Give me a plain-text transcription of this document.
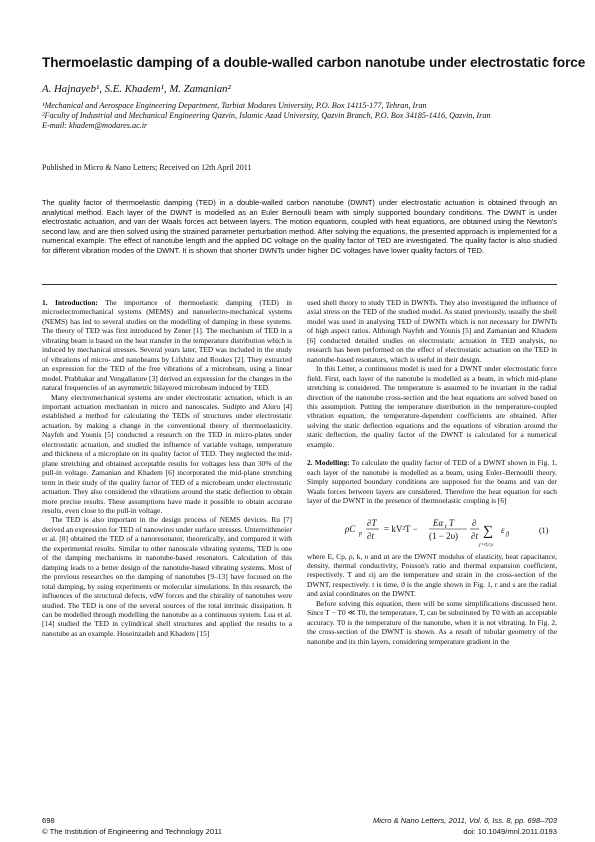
Thermoelastic damping of a double-walled carbon nanotube under electrostatic force
A. Hajnayeb¹, S.E. Khadem¹, M. Zamanian²
¹Mechanical and Aerospace Engineering Department, Tarbiat Modares University, P.O. Box 14115-177, Tehran, Iran
²Faculty of Industrial and Mechanical Engineering Qazvin, Islamic Azad University, Qazvin Branch, P.O. Box 34185-1416, Qazvin, Iran
E-mail: khadem@modares.ac.ir
Published in Micro & Nano Letters; Received on 12th April 2011
The quality factor of thermoelastic damping (TED) in a double-walled carbon nanotube (DWNT) under electrostatic actuation is obtained through an analytical method. Each layer of the DWNT is modelled as an Euler Bernoulli beam with simply supported boundary conditions. The DWNT is under electrostatic actuation, and van der Waals forces act between layers. The motion equations, coupled with heat equations, are obtained using the Newton's second law, and are then solved using the strained parameter perturbation method. After solving the equations, the presented approach is implemented for a numerical example. The effect of nanotube length and the applied DC voltage on the quality factor of TED are investigated. The quality factor is also studied for different vibration modes of the DWNT. It is shown that shorter DWNTs under higher DC voltages have lower quality factors of TED.

1. Introduction: The importance of thermoelastic damping (TED) in microelectromechanical systems (MEMS) and nanoelectro-mechanical systems (NEMS) has led to several studies on the modelling of damping in these systems. The theory of TED was first introduced by Zener [1]. The mechanism of TED in a vibrating beam is based on the heat transfer in the temperature distribution which is induced by mechanical stresses. Several years later, TED was included in the study of vibrations of micro- and nanobeams by Lifshitz and Roukes [2]. They extracted an expression for the TED of the free vibrations of a microbeam, using a linear model. Prabhakar and Vengallatore [3] derived an expression for the changes in the natural frequencies of an asymmetric bilayered microbeam induced by TED.

Many electromechanical systems are under electrostatic actuation, which is an important actuation mechanism in micro and nanoscales. Sudipto and Aluru [4] established a method for calculating the TEDs of structures under electrostatic actuation, by making a change in the conventional theory of thermoelasticity. Nayfeh and Younis [5] conducted a research on the TED in micro-plates under electrostatic actuation, and studied the influence of variable voltage, temperature and thickness of a microplate on its quality factor of TED. They neglected the mid-plane stretching and obtained acceptable results for voltages less than 30% of the pull-in voltage. Zamanian and Khadem [6] incorporated the mid-plane stretching term in their study of the quality factor of TED of a microbeam under electrostatic actuation. They also considered the vibrations around the static deflection to obtain more precise results. These assumptions have made it possible to obtain accurate results, even close to the pull-in voltage.

The TED is also important in the design process of NEMS devices. Ru [7] derived an expression for TED of nanowires under surface stresses. Unterreithmeier et al. [8] obtained the TED of a nanoresonator, theoretically, and compared it with the experimental results. Similar to other nanoscale vibrating systems, TED is one of the damping mechanisms in nanotube-based resonators. Calculation of this damping leads to a better design of the nanotube-based vibrating systems. Most of the previous researches on the damping of nanotubes [9–13] have focused on the total damping, by using experiments or molecular simulations. In this research, the influences of the structural defects, vdW forces and the chirality of nanotubes were studied. The TED is one of the several sources of the total intrinsic dissipation. It can be modelled through modelling the nanotube as a continuous system. Lua et al. [14] studied the TED in cylindrical shell structures and applied the results to a nanotube as an example. Hoseinzadeh and Khadem [15]

used shell theory to study TED in DWNTs. They also investigated the influence of axial stress on the TED of the studied model. As stated previously, usually the shell model was used in analysing TED of DWNTs which is not necessary for DWNTs of high aspect ratios. Although Nayfeh and Younis [5] and Zamanian and Khadem [6] conducted detailed studies on electrostatic actuation in TED analysis, no research has been performed on the effect of electrostatic actuation on the TED in nanotube-based resonators, which is useful in their design.

In this Letter, a continuous model is used for a DWNT under electrostatic force field. First, each layer of the nanotube is modelled as a beam, in which mid-plane stretching is considered. The temperature is assumed to be invariant in the radial direction of the nanotube cross-section and the heat equations are solved based on this assumption. Putting the temperature distribution in the temperature-coupled vibration equation, the temperature-dependent coefficients are obtained. After solving the static deflection equations and the equations of vibration around the static deflection, the quality factor of the DWNT is calculated for a numerical example.

2. Modelling: To calculate the quality factor of TED of a DWNT shown in Fig. 1, each layer of the nanotube is modelled as a beam, using Euler–Bernoulli theory. Simply supported boundary conditions are supposed for the beams and van der Waals forces between layers are considered. Therefore the heat equation for each layer of the DWNT in the presence of thermoelastic coupling is [6]

ρC p
∂T
∂t
= kV²T −
Eα t T
(1 − 2υ)
∂
∂t ∑
j=ϑ,r,s
ε jj	(1)

where E, Cp, ρ, k, υ and αt are the DWNT modulus of elasticity, heat capacitance, density, thermal conductivity, Poisson's ratio and thermal expansion coefficient, respectively. T and εij are the temperature and strain in the cross-section of the DWNT, respectively. t is time, ϑ is the angle shown in Fig. 1, r and s are the radial and axial coordinates on the DWNT.

Before solving this equation, there will be some simplifications discussed here. Since T − T0 ≪ T0, the temperature, T, can be substituted by T0 with an acceptable accuracy. T0 is the temperature of the nanotube, when it is not vibrating. In Fig. 2, the cross-section of the DWNT is shown. As a result of tubular geometry of the nanotube and its thin layers, considering temperature gradient in the

698
© The Institution of Engineering and Technology 2011
Micro & Nano Letters, 2011, Vol. 6, Iss. 8, pp. 698–703
doi: 10.1049/mnl.2011.0193
